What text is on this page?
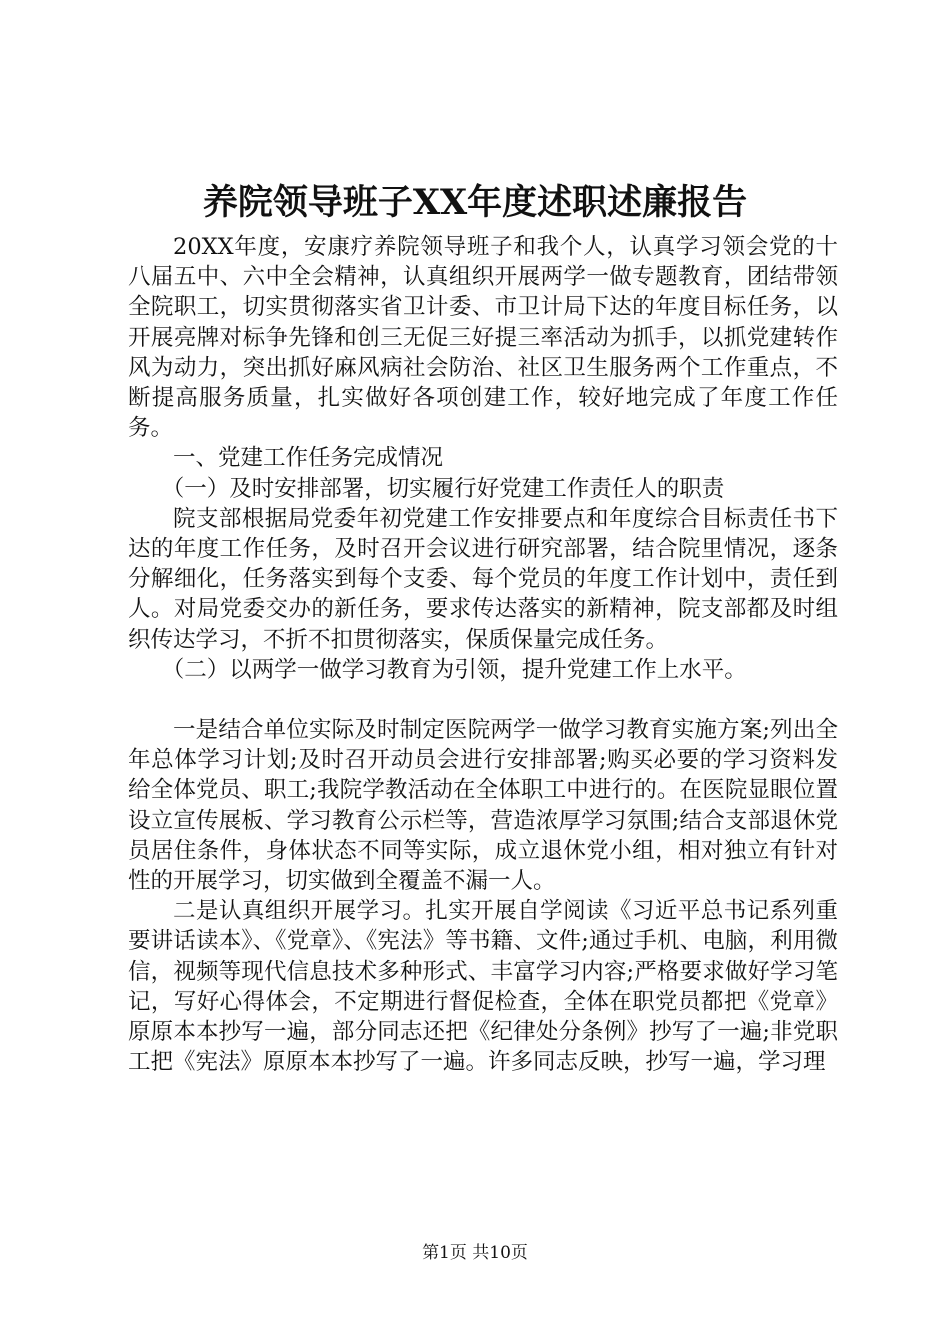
养院领导班子XX年度述职述廉报告

20XX年度，安康疗养院领导班子和我个人，认真学习领会党的十八届五中、六中全会精神，认真组织开展两学一做专题教育，团结带领全院职工，切实贯彻落实省卫计委、市卫计局下达的年度目标任务，以开展亮牌对标争先锋和创三无促三好提三率活动为抓手，以抓党建转作风为动力，突出抓好麻风病社会防治、社区卫生服务两个工作重点，不断提高服务质量，扎实做好各项创建工作，较好地完成了年度工作任务。

一、党建工作任务完成情况

（一）及时安排部署，切实履行好党建工作责任人的职责

院支部根据局党委年初党建工作安排要点和年度综合目标责任书下达的年度工作任务，及时召开会议进行研究部署，结合院里情况，逐条分解细化，任务落实到每个支委、每个党员的年度工作计划中，责任到人。对局党委交办的新任务，要求传达落实的新精神，院支部都及时组织传达学习，不折不扣贯彻落实，保质保量完成任务。

（二）以两学一做学习教育为引领，提升党建工作上水平。

一是结合单位实际及时制定医院两学一做学习教育实施方案;列出全年总体学习计划;及时召开动员会进行安排部署;购买必要的学习资料发给全体党员、职工;我院学教活动在全体职工中进行的。在医院显眼位置设立宣传展板、学习教育公示栏等，营造浓厚学习氛围;结合支部退休党员居住条件，身体状态不同等实际，成立退休党小组，相对独立有针对性的开展学习，切实做到全覆盖不漏一人。

二是认真组织开展学习。扎实开展自学阅读《习近平总书记系列重要讲话读本》、《党章》、《宪法》等书籍、文件;通过手机、电脑，利用微信，视频等现代信息技术多种形式、丰富学习内容;严格要求做好学习笔记，写好心得体会，不定期进行督促检查，全体在职党员都把《党章》原原本本抄写一遍，部分同志还把《纪律处分条例》抄写了一遍;非党职工把《宪法》原原本本抄写了一遍。许多同志反映，抄写一遍，学习理

第1页 共10页
